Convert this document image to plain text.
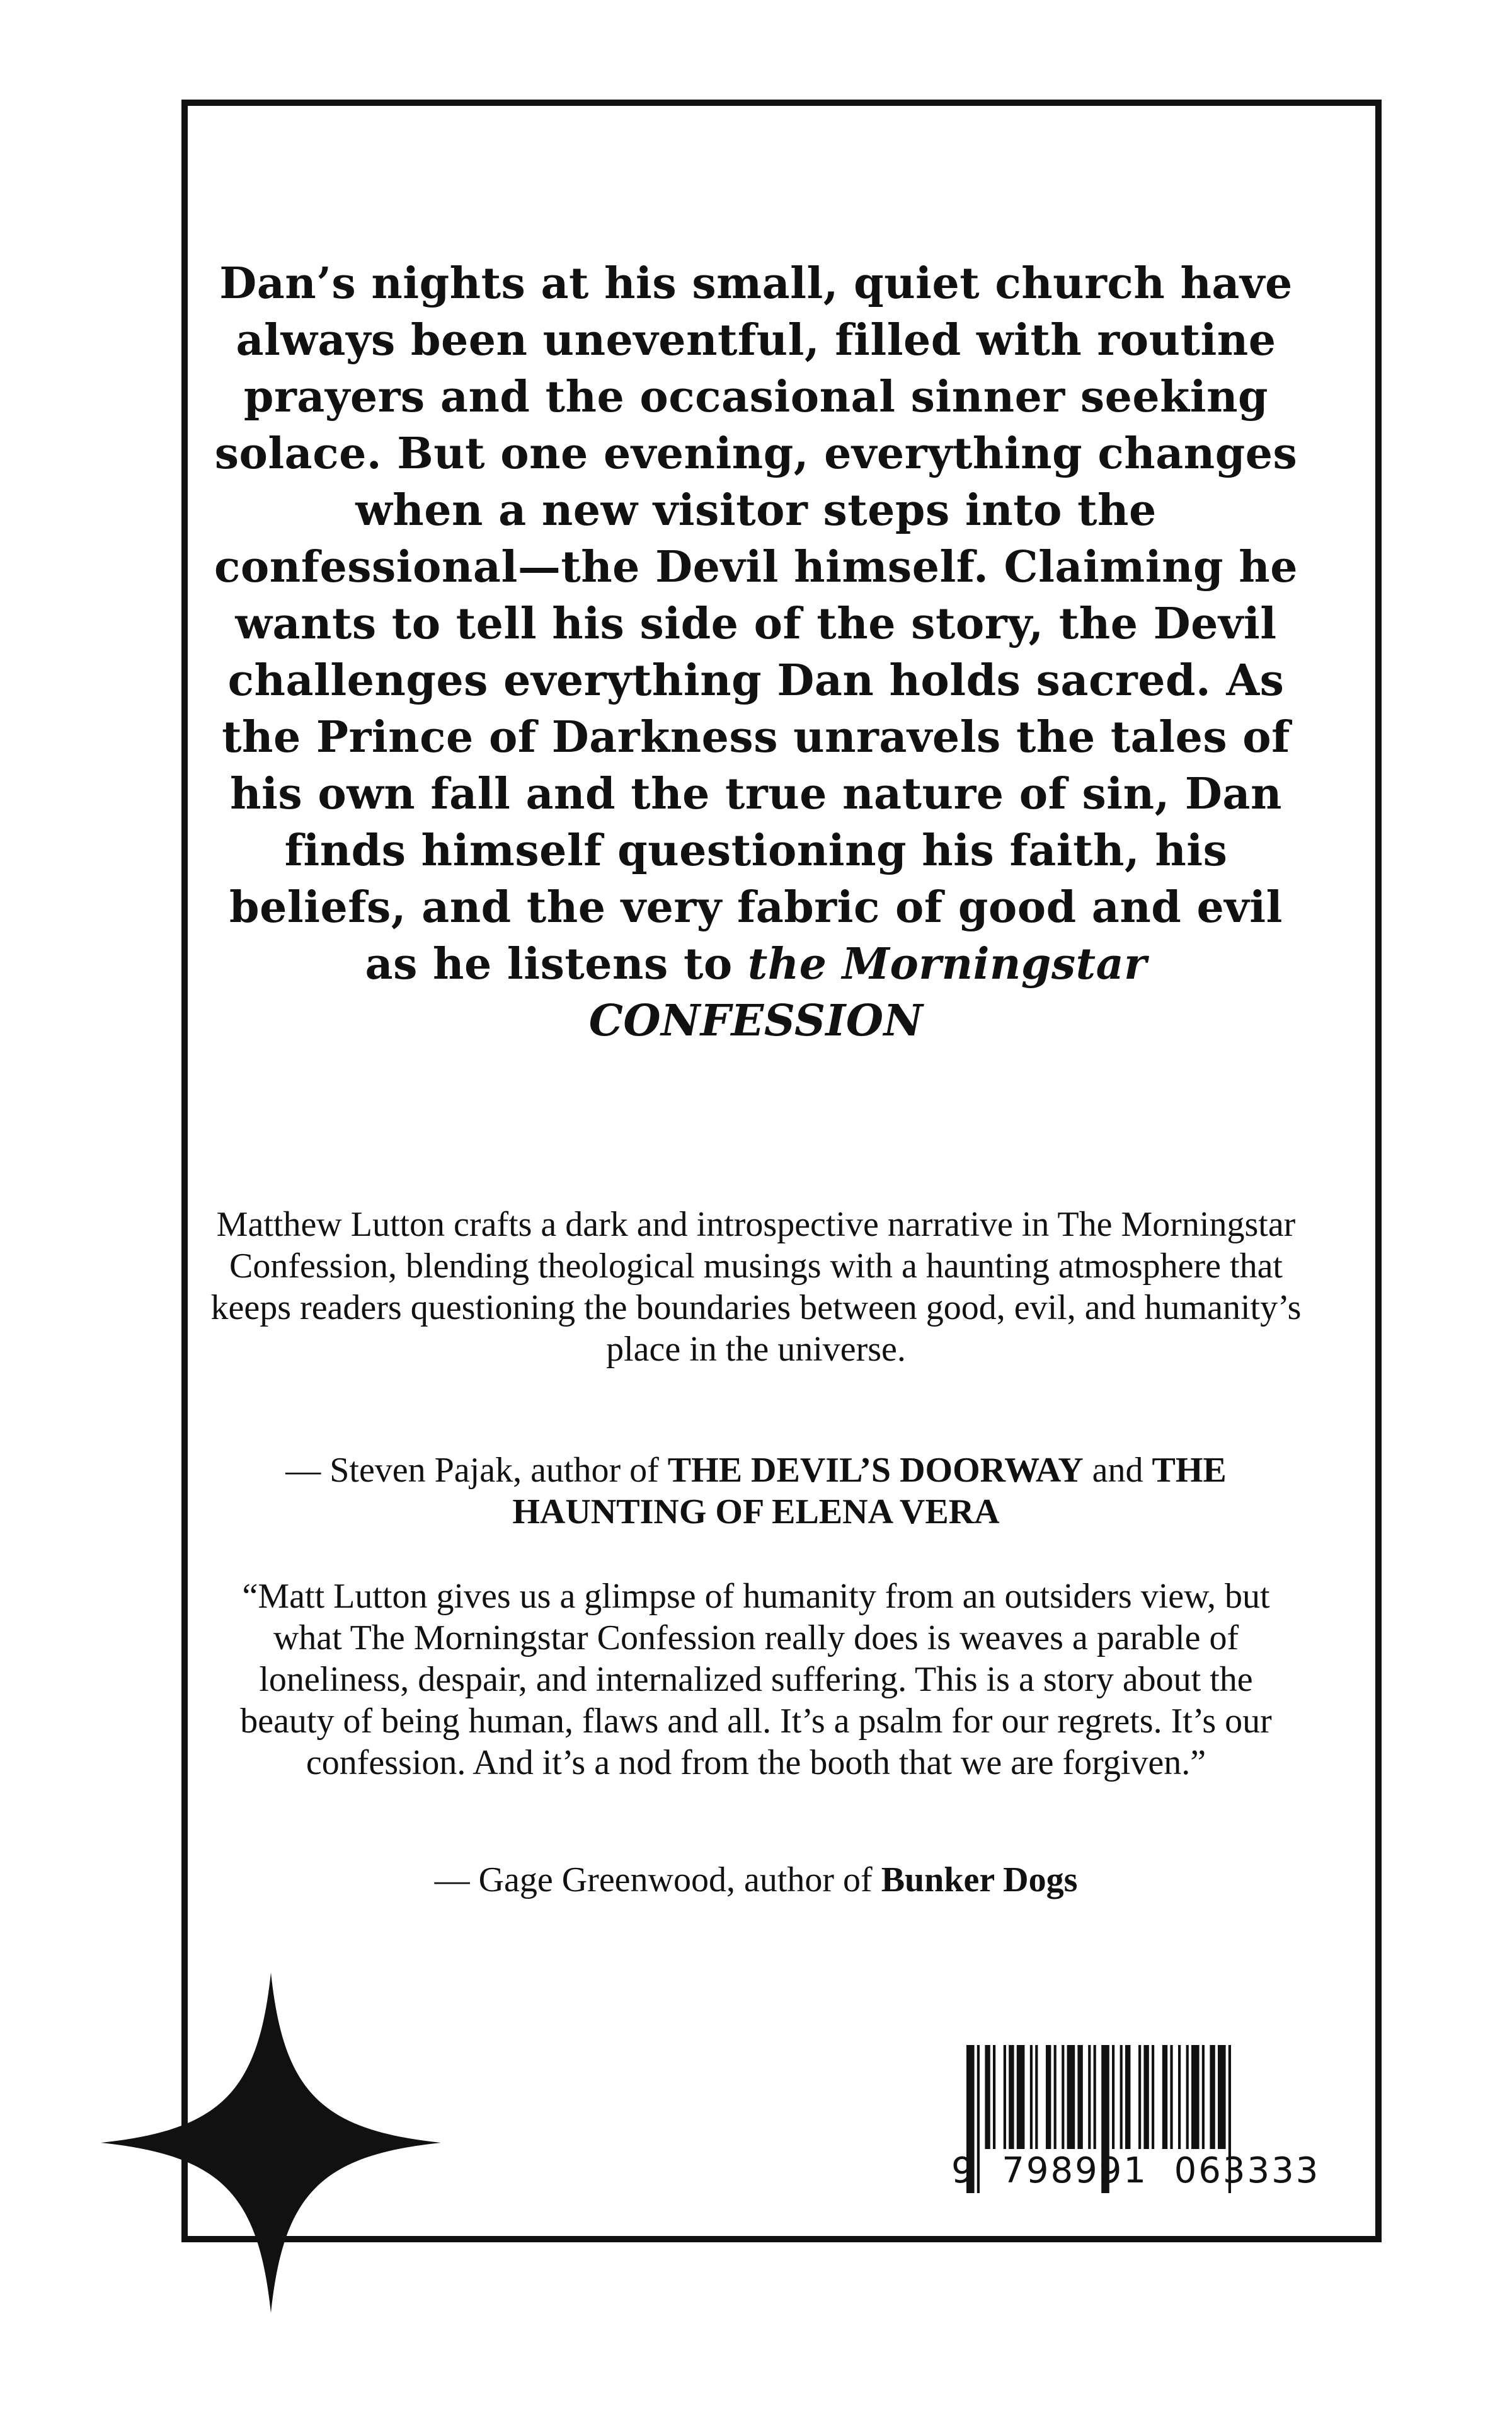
Dan’s nights at his small, quiet church have always been uneventful, filled with routine prayers and the occasional sinner seeking solace. But one evening, everything changes when a new visitor steps into the confessional—the Devil himself. Claiming he wants to tell his side of the story, the Devil challenges everything Dan holds sacred. As the Prince of Darkness unravels the tales of his own fall and the true nature of sin, Dan finds himself questioning his faith, his beliefs, and the very fabric of good and evil as he listens to the Morningstar CONFESSION
Matthew Lutton crafts a dark and introspective narrative in The Morningstar Confession, blending theological musings with a haunting atmosphere that keeps readers questioning the boundaries between good, evil, and humanity’s place in the universe.
— Steven Pajak, author of THE DEVIL’S DOORWAY and THE HAUNTING OF ELENA VERA
“Matt Lutton gives us a glimpse of humanity from an outsiders view, but what The Morningstar Confession really does is weaves a parable of loneliness, despair, and internalized suffering. This is a story about the beauty of being human, flaws and all. It’s a psalm for our regrets. It’s our confession. And it’s a nod from the booth that we are forgiven.”
— Gage Greenwood, author of Bunker Dogs
9  798991  063333
